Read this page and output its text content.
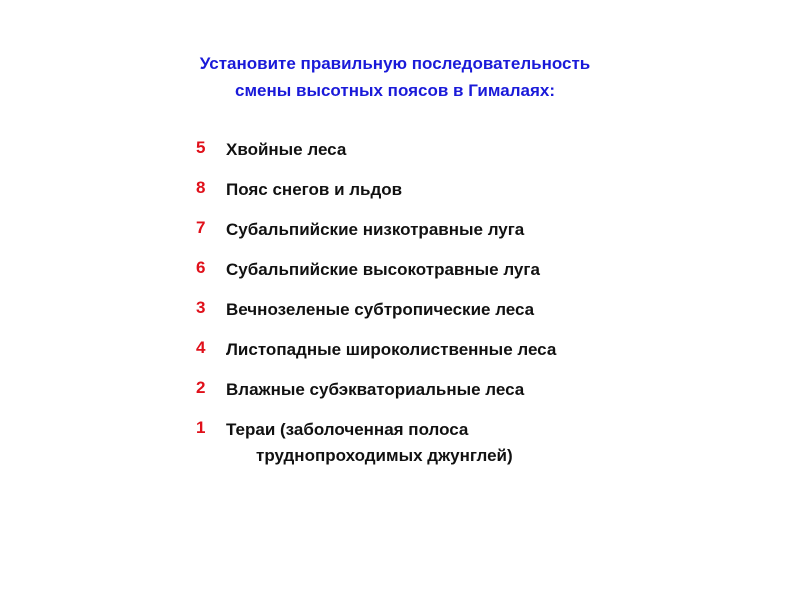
Установите правильную последовательность
смены высотных поясов в Гималаях:
5	Хвойные леса
8	Пояс снегов и льдов
7	Субальпийские низкотравные луга
6	Субальпийские высокотравные луга
3	Вечнозеленые субтропические леса
4	Листопадные широколиственные леса
2	Влажные субэкваториальные леса
1	Тераи (заболоченная полоса
труднопроходимых джунглей)
